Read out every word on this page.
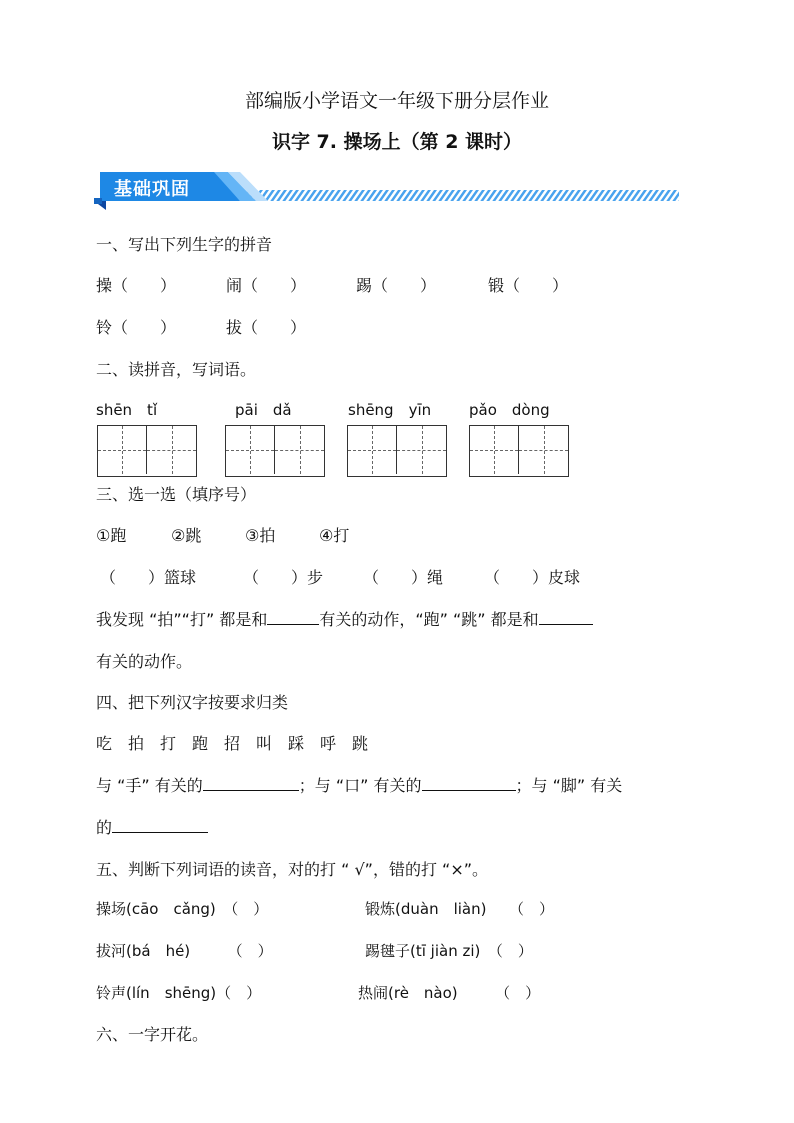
部编版小学语文一年级下册分层作业
识字 7. 操场上（第 2 课时）
基础巩固
一、写出下列生字的拼音
操（　　）	闹（　　）	踢（　　）	锻（　　）
铃（　　）	拔（　　）
二、读拼音，写词语。
shēn　tǐ	pāi　dǎ	shēng　yīn	pǎo　dòng
三、选一选（填序号）
①跑	②跳	③拍	④打
（　　）篮球	（　　）步 （　　）绳	（　　）皮球
我发现 “拍”“打” 都是和	有关的动作，“跑” “跳” 都是和
有关的动作。
四、把下列汉字按要求归类
吃　拍　打　跑　招　叫　踩　呼　跳
与 “手” 有关的	；与 “口” 有关的	；与 “脚” 有关
的
五、判断下列词语的读音，对的打 “ √”，错的打 “×”。
操场(cāo　cǎng)　（　）	锻炼(duàn　liàn)　　（　）
拔河(bá　hé)　　　（　）	踢毽子(tī jiàn zi)　（　）
铃声(lín　shēng)（　）	热闹(rè　nào)　　　（　）
六、一字开花。
